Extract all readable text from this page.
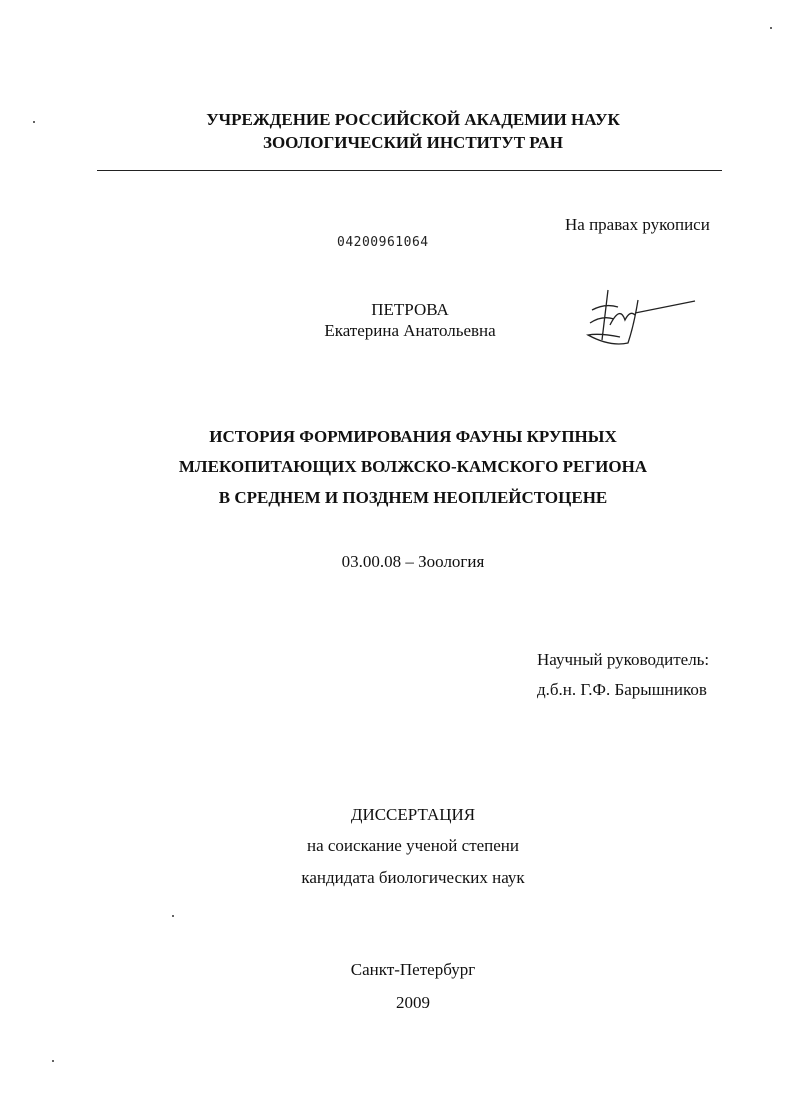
УЧРЕЖДЕНИЕ РОССИЙСКОЙ АКАДЕМИИ НАУК
ЗООЛОГИЧЕСКИЙ ИНСТИТУТ РАН
На правах рукописи
04200961064
ПЕТРОВА
Екатерина Анатольевна
ИСТОРИЯ ФОРМИРОВАНИЯ ФАУНЫ КРУПНЫХ
МЛЕКОПИТАЮЩИХ ВОЛЖСКО-КАМСКОГО РЕГИОНА
В СРЕДНЕМ И ПОЗДНЕМ НЕОПЛЕЙСТОЦЕНЕ
03.00.08 – Зоология
Научный руководитель:
д.б.н. Г.Ф. Барышников
ДИССЕРТАЦИЯ
на соискание ученой степени
кандидата биологических наук
Санкт-Петербург
2009
